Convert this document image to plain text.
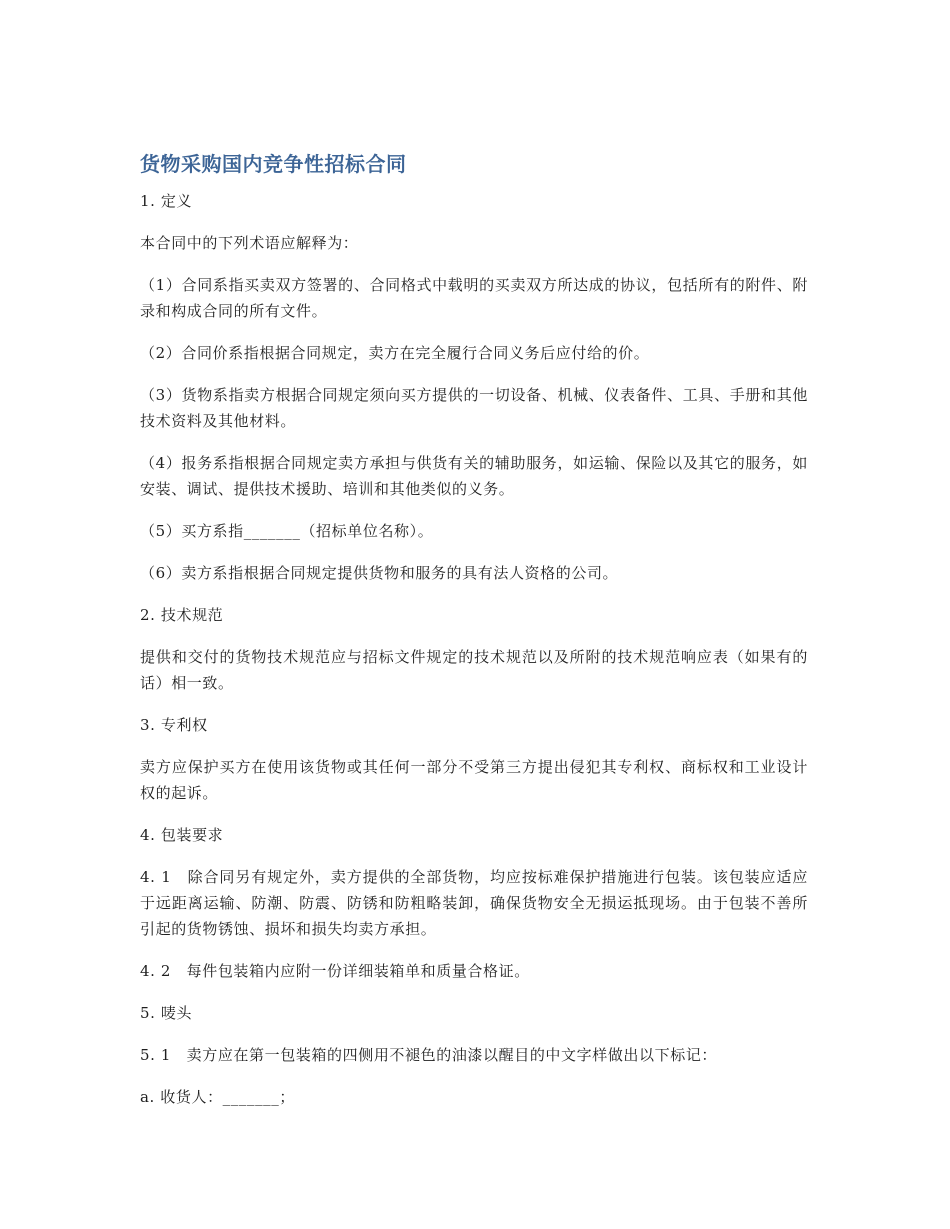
货物采购国内竞争性招标合同

1. 定义

本合同中的下列术语应解释为：

（1）合同系指买卖双方签署的、合同格式中载明的买卖双方所达成的协议，包括所有的附件、附录和构成合同的所有文件。

（2）合同价系指根据合同规定，卖方在完全履行合同义务后应付给的价。

（3）货物系指卖方根据合同规定须向买方提供的一切设备、机械、仪表备件、工具、手册和其他技术资料及其他材料。

（4）报务系指根据合同规定卖方承担与供货有关的辅助服务，如运输、保险以及其它的服务，如安装、调试、提供技术援助、培训和其他类似的义务。

（5）买方系指_______（招标单位名称）。

（6）卖方系指根据合同规定提供货物和服务的具有法人资格的公司。

2. 技术规范

提供和交付的货物技术规范应与招标文件规定的技术规范以及所附的技术规范响应表（如果有的话）相一致。

3. 专利权

卖方应保护买方在使用该货物或其任何一部分不受第三方提出侵犯其专利权、商标权和工业设计权的起诉。

4. 包装要求

4. 1　除合同另有规定外，卖方提供的全部货物，均应按标难保护措施进行包装。该包装应适应于远距离运输、防潮、防震、防锈和防粗略装卸，确保货物安全无损运抵现场。由于包装不善所引起的货物锈蚀、损坏和损失均卖方承担。

4. 2　每件包装箱内应附一份详细装箱单和质量合格证。

5. 唛头

5. 1　卖方应在第一包装箱的四侧用不褪色的油漆以醒目的中文字样做出以下标记：

a. 收货人：_______；
